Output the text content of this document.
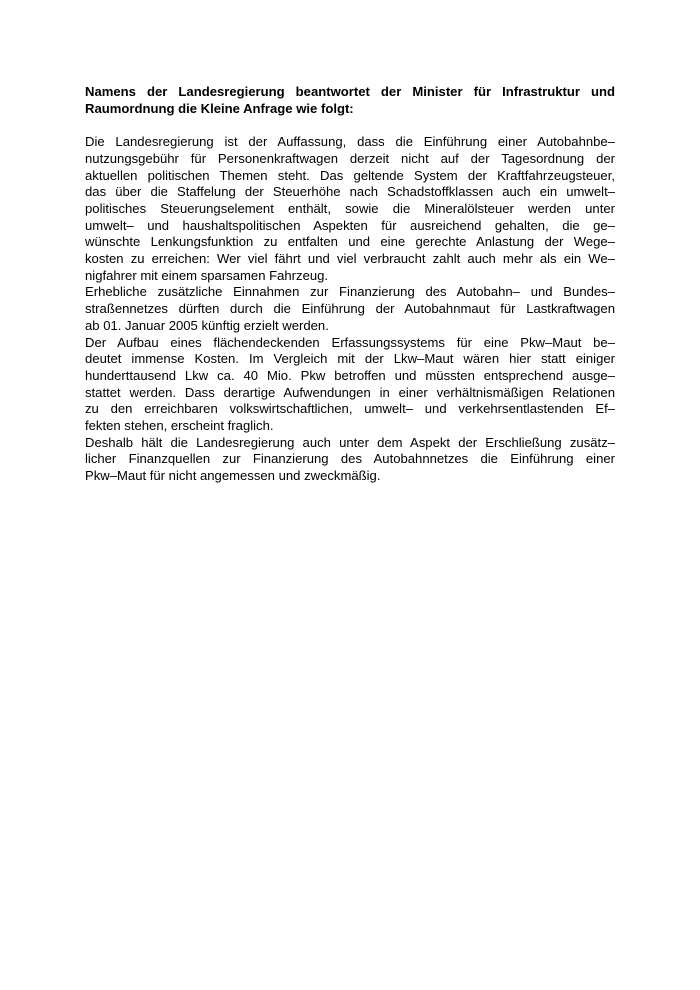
Namens der Landesregierung beantwortet der Minister für Infrastruktur und
Raumordnung die Kleine Anfrage wie folgt:
Die Landesregierung ist der Auffassung, dass die Einführung einer Autobahnbe–
nutzungsgebühr für Personenkraftwagen derzeit nicht auf der Tagesordnung der
aktuellen politischen Themen steht. Das geltende System der Kraftfahrzeugsteuer,
das über die Staffelung der Steuerhöhe nach Schadstoffklassen auch ein umwelt–
politisches Steuerungselement enthält, sowie die Mineralölsteuer werden unter
umwelt– und haushaltspolitischen Aspekten für ausreichend gehalten, die ge–
wünschte Lenkungsfunktion zu entfalten und eine gerechte Anlastung der Wege–
kosten zu erreichen: Wer viel fährt und viel verbraucht zahlt auch mehr als ein We–
nigfahrer mit einem sparsamen Fahrzeug.
Erhebliche zusätzliche Einnahmen zur Finanzierung des Autobahn– und Bundes–
straßennetzes dürften durch die Einführung der Autobahnmaut für Lastkraftwagen
ab 01. Januar 2005 künftig erzielt werden.
Der Aufbau eines flächendeckenden Erfassungssystems für eine Pkw–Maut be–
deutet immense Kosten. Im Vergleich mit der Lkw–Maut wären hier statt einiger
hunderttausend Lkw ca. 40 Mio. Pkw betroffen und müssten entsprechend ausge–
stattet werden. Dass derartige Aufwendungen in einer verhältnismäßigen Relationen
zu den erreichbaren volkswirtschaftlichen, umwelt– und verkehrsentlastenden Ef–
fekten stehen, erscheint fraglich.
Deshalb hält die Landesregierung auch unter dem Aspekt der Erschließung zusätz–
licher Finanzquellen zur Finanzierung des Autobahnnetzes die Einführung einer
Pkw–Maut für nicht angemessen und zweckmäßig.
